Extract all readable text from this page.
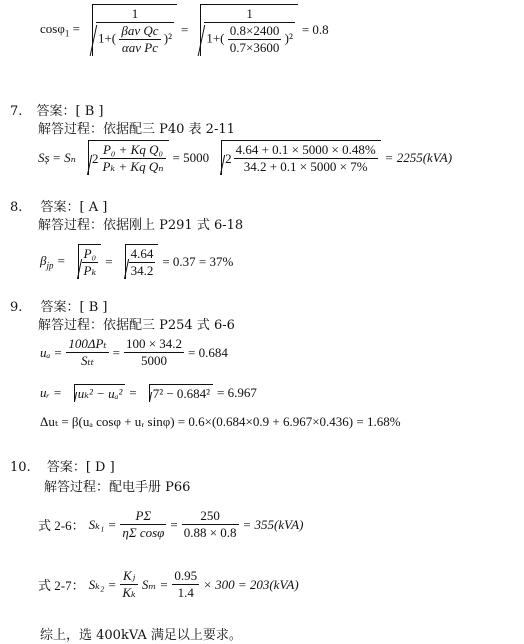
$\cos\varphi_1 = \frac{1}{1+( \frac{\text{βav Qc}}{\text{αav Pc}} )^2} = \frac{1}{1+( \frac{0.8\times 2400}{0.7\times 3600} )^2} = 0.8$
7. 答案：[ B ]
解答过程：依据配三 P40 表 2-11
Sș = Sₙ $2 \frac{\text{P₀ + Kq Q₀}}{\text{Pₖ + Kq Qₙ}} = 5000$ $2 \frac{4.64 + 0.1 \times 5000 \times 0.48\%}{34.2 + 0.1 \times 5000 \times 7\%} = 2255(kVA)$
8. 答案：[ A ]
解答过程：依据刚上 P291 式 6-18
$\beta_{jp} = \frac{\text{P₀}}{\text{Pₖ}} = \frac{4.64}{34.2} = 0.37 = 37\%$
9. 答案：[ B ]
解答过程：依据配三 P254 式 6-6
$u_a = \frac{\text{100ΔPₜ}}{\text{Sₜₜ}} = \frac{100 \times 34.2}{5000} = 0.684$
uᵣ =	uₖ² − uₐ² =	7² − 0.684² = 6.967
Δuₜ = β(uₐ cosφ + uᵣ sinφ) = 0.6×(0.684×0.9 + 6.967×0.436) = 1.68%
10. 答案：[ D ]
解答过程：配电手册 P66
式 2-6： $S_{k1} = \frac{P\Sigma}{\text{ηΣ cosφ}} = \frac{250}{0.88 \times 0.8} = 355(kVA)$
式 2-7： $S_{k2} = \frac{\text{Kⱼ}}{\text{Kₖ}}$ $S_m = \frac{0.95}{1.4} \times 300 = 203(kVA)$
综上，选 400kVA 满足以上要求。
